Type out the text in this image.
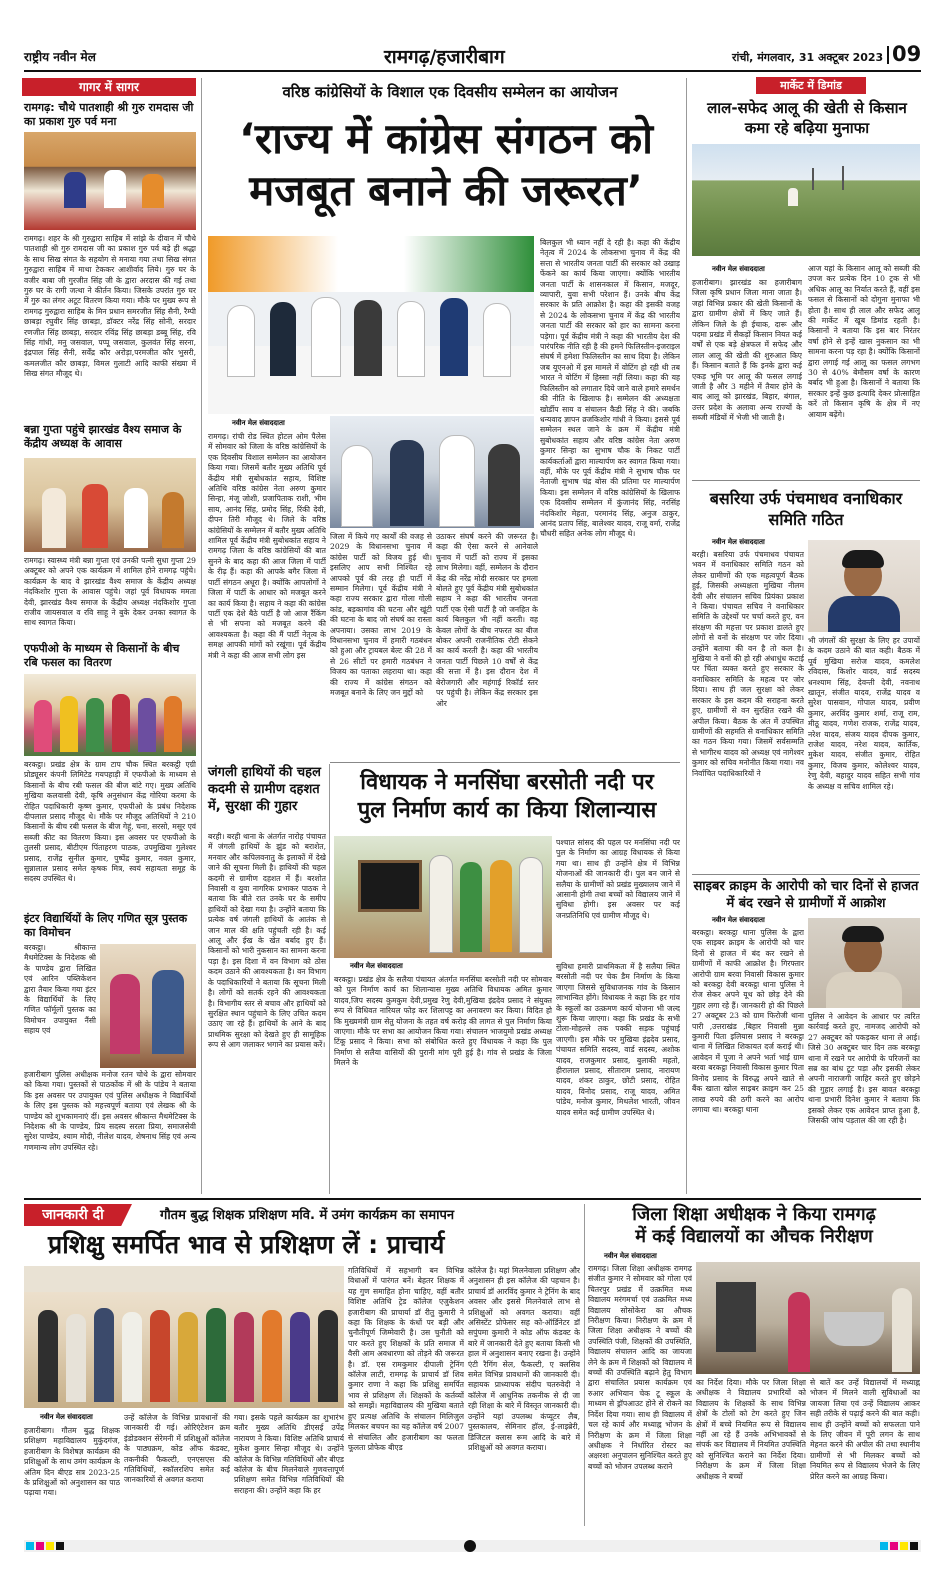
राष्ट्रीय नवीन मेल	रामगढ़/हजारीबाग	रांची, मंगलवार, 31 अक्टूबर 2023 09
गागर में सागर
रामगढ़: चौथे पातशाही श्री गुरु रामदास जी का प्रकाश गुरु पर्व मना
रामगढ़। शहर के श्री गुरुद्वारा साहिब में सांझे के दीवान में चौथे पातशाही श्री गुरु रामदास जी का प्रकाश गुरु पर्व बड़े ही श्रद्धा के साथ सिख संगत के सहयोग से मनाया गया तथा सिख संगत गुरुद्वारा साहिब में माथा टेककर आशीर्वाद लिये। गुरु घर के वजीर बाबा जी गुरजीत सिंह जी के द्वारा अरदास की गई तथा गुरु घर के रागी जत्था ने कीर्तन किया। जिसके उपरांत गुरु घर में गुरु का लंगर अटूट वितरण किया गया। मौके पर मुख्य रूप से रामगढ़ गुरुद्वारा साहिब के मिन प्रधान समरजीत सिंह सैनी, रैम्पी छाबड़ा रघुवीर सिंह छाबड़ा, डॉक्टर नरेंद्र सिंह सोनी, सरदार रणजीत सिंह छाबड़ा, सरदार रविंद्र सिंह छाबड़ा डब्बू सिंह, रवि सिंह गांधी, मनु जसवाल, पप्पू जसवाल, कुलवंत सिंह सरना, इंद्रपाल सिंह सैनी, सर्वेंद्र कौर अरोड़ा,परमजीत कौर भुसरी, कमलजीत कौर छाबड़ा, विमल गुलाटी आदि काफी संख्या में सिख संगत मौजूद थे।
बन्ना गुप्ता पहुंचे झारखंड वैश्य समाज के केंद्रीय अध्यक्ष के आवास
रामगढ़। स्वास्थ्य मंत्री बन्ना गुप्ता एवं उनकी पत्नी सुधा गुप्ता 29 अक्टूबर को अपने एक कार्यक्रम में शामिल होने रामगढ़ पहुंचे। कार्यक्रम के बाद वे झारखंड वैश्य समाज के केंद्रीय अध्यक्ष नंदकिशोर गुप्ता के आवास पहुंचे। जहां पूर्व विधायक ममता देवी, झारखंड वैश्य समाज के केंद्रीय अध्यक्ष नंदकिशोर गुप्ता राजीव जायसवाल व रवि साहू ने बुके देकर उनका स्वागत के साथ स्वागत किया।
एफपीओ के माध्यम से किसानों के बीच रबि फसल का वितरण
बरकट्ठा। प्रखंड क्षेत्र के ग्राम टाप चौक स्थित बरकट्ठी एग्री प्रोड्यूसर कंपनी लिमिटेड गयपहाड़ी में एफपीओ के माध्यम से किसानों के बीच रबी फसल की बीज बांटे गए। मुख्य अतिथि मुखिया कलवासी देवी, कृषि अनुसंधान केंद्र गोरिया करमा के रोहित पदाधिकारी कृष्ण कुमार, एफपीओ के प्रबंध निदेशक दीपलाल प्रसाद मौजूद थे। मौके पर मौजूद अतिथियों ने 210 किसानों के बीच रबी फसल के बीज गेहूं, चना, सरसो, मसूर एवं सब्जी कीट का वितरण किया। इस अवसर पर एफपीओ के तुलसी प्रसाद, बीटीएम पिंताहरण पाठक, उपमुखिया गुलेश्वर प्रसाद, राजेंद्र सुनील कुमार, पुष्पेंद्र कुमार, नवल कुमार, सुन्नालाल प्रसाद समेत कृषक मित्र, स्वयं सहायता समूह के सदस्य उपस्थित थे।
इंटर विद्यार्थियों के लिए गणित सूत्र पुस्तक का विमोचन
बरकट्ठा। श्रीकान्त मैथमेटिक्स के निदेशक श्री के पाण्डेय द्वारा लिखित एवं आरिन पब्लिकेशन द्वारा तैयार किया गया इंटर के विद्यार्थियों के लिए गणित फॉर्मूलों पुस्तक का विमोचन उपायुक्त नैंसी सहाय एवं
हजारीबाग पुलिस अधीक्षक मनोज रतन चोथे के द्वारा सोमवार को किया गया। पुस्तकों से पाठकोंक में श्री के पांडेय ने बताया कि इस अवसर पर उपायुक्त एवं पुलिस अधीक्षक ने विद्यार्थियों के लिए इस पुस्तक को महत्त्वपूर्ण बताया एवं लेखक श्री के पाण्डेय को शुभकामनाएं दीं। इस अवसर श्रीकान्त मैथमेटिक्स के निदेशक श्री के पाण्डेय, प्रिय सदस्य सरला प्रिया, समाजसेवी सुरेश पाण्डेय, श्याम मोदी, नीलेश यादव, शेषनाथ सिंह एवं अन्य गणमान्य लोग उपस्थित रहे।
वरिष्ठ कांग्रेसियों के विशाल एक दिवसीय सम्मेलन का आयोजन
‘राज्य में कांग्रेस संगठन को
मजबूत बनाने की जरूरत’
नवीन मेल संवाददाता
रामगढ़। रांची रोड स्थित होटल ओम पैलेस में सोमवार को जिला के वरिष्ठ कांग्रेसियों के एक दिवसीय विशाल सम्मेलन का आयोजन किया गया। जिसमें बतौर मुख्य अतिथि पूर्व केंद्रीय मंत्री सुबोधकांत सहाय, विशिष्ट अतिथि वरिष्ठ कांग्रेस नेता अरुण कुमार सिन्हा, मंजू जोशी, प्रजापिताक राशी, भीम साय, आनंद सिंह, प्रमोद सिंह, रिंकी देवी, दीपन तिरी मौजूद थे। जिले के वरिष्ठ कांग्रेसियों के सम्मेलन में बतौर मुख्य अतिथि शामिल पूर्व केंद्रीय मंत्री सुबोधकांत सहाय ने रामगढ़ जिला के वरिष्ठ कांग्रेसियों की बात सुनने के बाद कहा की आज जिला में पार्टी के रीढ़ हैं। कहा की आपके बगैर जिला में पार्टी संगठन अधूरा है। क्योंकि आपलोगों ने जिला में पार्टी के आधार को मजबूत करने का कार्य किया है। सहाय ने कहा की कांग्रेस पार्टी एक देशे बैठे पार्टी है जो आज रैंकिंग से भी सपना को मजबूत करने की आवश्यकता है। कहा की मैं पार्टी नेतृत्व के समक्ष आपकी मांगों को रखूंगा। पूर्व केंद्रीय मंत्री ने कहा की आज सभी लोग इस
जिला में किये गए कार्यों की वजह से 2029 के विधानसभा चुनाव में कांग्रेस पार्टी को विजय हुई थी। इसलिए आप सभी निश्चित रहे आपको पूर्व की तरह ही पार्टी में सम्मान मिलेगा। पूर्व केंद्रीय मंत्री ने कहा राज्य सरकार द्वारा गोला गोली कांड, बड़कागांव की घटना और खूंटी की घटना के बाद जो संघर्ष का रास्ता अपनाया। उसका लाभ 2019 के विधानसभा चुनाव में हमारी गठबंधन को हुआ और ट्रायबल बेल्ट की 28 में से 26 सीटों पर हमारी गठबंधन ने विजय का पताका लहराया था। कहा की राज्य में कांग्रेस संगठन को मजबूत बनाने के लिए जन मुद्दों को
उठाकर संघर्ष करने की जरूरत है। कहा की ऐसा करने से आनेवाले चुनाव में पार्टी को राज्य में इसका लाभ मिलेगा। वहीं, सम्मेलन के दौरान केंद्र की नरेंद्र मोदी सरकार पर हमला बोलते हुए पूर्व केंद्रीय मंत्री सुबोधकांत सहाय ने कहा की भारतीय जनता पार्टी एक ऐसी पार्टी है जो जनहित के कार्य बिलकुल भी नहीं करती। वह केवल लोगों के बीच नफरत का बीज बोकर अपनी राजनीतिक रोटी सेकने का कार्य करती है। कहा की भारतीय जनता पार्टी पिछले 10 वर्षों से केंद्र की सत्ता में है। इस दौरान देश में बेरोजगारी और महंगाई रिकॉर्ड स्तर पर पहुंची है। लेकिन केंद्र सरकार इस ओर
बिलकुल भी ध्यान नहीं दे रही है। कहा की केंद्रीय नेतृत्व में 2024 के लोकसभा चुनाव में केंद्र की सत्ता से भारतीय जनता पार्टी की सरकार को उखाड़ फेंकने का कार्य किया जाएगा। क्योंकि भारतीय जनता पार्टी के शासनकाल में किसान, मजदूर, व्यापारी, युवा सभी परेशान हैं। उनके बीच केंद्र सरकार के प्रति आक्रोश है। कहा की इसकी वजह से 2024 के लोकसभा चुनाव में केंद्र की भारतीय जनता पार्टी की सरकार को हार का सामना करना पड़ेगा। पूर्व केंद्रीय मंत्री ने कहा की भारतीय देश की पारंपरिक नीति रही है की हमने फिलिस्तीन-इजराइल संघर्ष में हमेशा फिलिस्तीन का साथ दिया है। लेकिन जब यूएनओ में इस मामले में वोटिंग हो रही थी तब भारत ने वोटिंग में हिस्सा नहीं लिया। कहा की यह फिलिस्तीन को लगातार दिये जाने वाले हमारे समर्थन की नीति के खिलाफ है। सम्मेलन की अध्यक्षता खोर्डीप साय व संचालन कैडी सिंह ने की। जबकि धन्यवाद ज्ञापन व्रजकिशोर गांधी ने किया। इससे पूर्व सम्मेलन स्थल जाने के क्रम में केंद्रीय मंत्री सुबोधकांत सहाय और वरिष्ठ कांग्रेस नेता अरुण कुमार सिन्हा का सुभाष चौक के निकट पार्टी कार्यकर्ताओं द्वारा माल्यार्पण कर स्वागत किया गया। वहीं, मौके पर पूर्व केंद्रीय मंत्री ने सुभाष चौक पर नेताजी सुभाष चंद्र बोस की प्रतिमा पर माल्यार्पण किया। इस सम्मेलन में वरिष्ठ कांग्रेसियों के खिलाफ एक दिवसीय सम्मेलन में कुंजानंद सिंह, नरसिंह नंदकिशोर मेहता, परमानंद सिंह, अनुज ठाकुर, आनंद प्रताप सिंह, बालेश्वर यादव, राजू वर्मा, राजेंद्र चौधरी सहित अनेक लोग मौजूद थे।
जंगली हाथियों की चहल कदमी से ग्रामीण दहशत में, सुरक्षा की गुहार
बरही। बरही थाना के अंतर्गत नारोह पंचायत में जंगली हाथियों के झुंड को बराशेत, मनवार और कपिलवनातु के इलाकों में देखे जाने की सूचना मिली है। हाथियों की चहल कदमी से ग्रामीण दहशत में हैं। बरशोत निवासी व युवा नागरिक प्रभाकर पाठक ने बताया कि बीते रात उनके घर के समीप हाथियों को देखा गया है। उन्होंने बताया कि प्रत्येक वर्ष जंगली हाथियों के आतंक से जान माल की क्षति पहुंचती रही है। कई आलू और ईख के खेत बर्बाद हुए हैं। किसानों को भारी नुकसान का सामना करना पड़ा है। इस दिशा में वन विभाग को ठोस कदम उठाने की आवश्यकता है। वन विभाग के पदाधिकारियों ने बताया कि सूचना मिली है। लोगों को सतर्क रहने की आवश्यकता है। विभागीय स्तर से बचाव और हाथियों को सुरक्षित स्थान पहुंचाने के लिए उचित कदम उठाए जा रहे हैं। हाथियों के आने के बाद प्राथमिक सुरक्षा को देखते हुए ही सामूहिक रूप से आग जलाकर भगाने का प्रयास करें।
विधायक ने मनसिंघा बरसोती नदी पर
पुल निर्माण कार्य का किया शिलान्यास
पश्चात सांसद की पहल पर मनसिंघा नदी पर पुल के निर्माण का आग्रह विधायक से किया गया था। साथ ही उन्होंने क्षेत्र में विभिन्न योजनाओं की जानकारी दी। पुल बन जाने से सलैया के ग्रामीणों को प्रखंड मुख्यालय जाने में आसानी होगी तथा बच्चों को विद्यालय जाने में सुविधा होगी। इस अवसर पर कई जनप्रतिनिधि एवं ग्रामीण मौजूद थे।
नवीन मेल संवाददाता
बरकट्ठा। प्रखंड क्षेत्र के सलैया पंचायत अंतर्गत मनसिंघा बरसोती नदी पर सोमवार को पुल निर्माण कार्य का शिलान्यास मुख्य अतिथि विधायक अमित कुमार यादव,जिप सदस्य कुमकुम देवी,प्रमुख रेणु देवी,मुखिया इंद्रदेव प्रसाद ने संयुक्त रूप से विधिवत नारियल फोड़ कर शिलापट्ट का अनावरण कर किया। विदित हो कि मुख्यमंत्री ग्राम सेतु योजना के तहत वर्ष करोड़ की लागत से पुल निर्माण किया जाएगा। मौके पर सभा का आयोजन किया गया। संचालन भाजयुमो प्रखंड अध्यक्ष टिंकू प्रसाद ने किया। सभा को संबोधित करते हुए विधायक ने कहा कि पुल निर्माण से सलैया वासियों की पुरानी मांग पूरी हुई है। गांव से प्रखंड के जिला मिलने के
सुविधा हमारी प्राथमिकता में है सलैया स्थित बरसोती नदी पर चेक डैम निर्माण के किया जाएगा जिससे सुविधाजनक गांव के किसान लाभान्वित होंगे। विधायक ने कहा कि हर गांव के स्कूलों का उत्क्रमण कार्य योजना भी जल्द शुरू किया जाएगा। कहा कि प्रखंड के सभी टोला-मोहल्ले तक पक्की सड़क पहुंचाई जाएगी। इस मौके पर मुखिया इंद्रदेव प्रसाद, पंचायत समिति सदस्य, वार्ड सदस्य, अशोक यादव, राजकुमार प्रसाद, बुलाकी महतो, हीरालाल प्रसाद, सीताराम प्रसाद, नारायण यादव, शंकर ठाकुर, छोटी प्रसाद, रोहित यादव, विनोद प्रसाद, राजू यादव, अमित पांडेय, मनोज कुमार, मिथलेश भारती, जीवन यादव समेत कई ग्रामीण उपस्थित थे।
मार्केट में डिमांड
लाल-सफेद आलू की खेती से किसान कमा रहे बढ़िया मुनाफा
नवीन मेल संवाददाता
हजारीबाग। झारखंड का हजारीबाग जिला कृषि प्रधान जिला माना जाता है। जहां विभिन्न प्रकार की खेती किसानों के द्वारा ग्रामीण क्षेत्रों में किए जाते हैं। लेकिन जिले के ही ईचाक, दारू और पदमा प्रखंड में सैकड़ों किसान नियत कई वर्षों से एक बड़े क्षेत्रफल में सफेद और लाल आलू की खेती की शुरुआत किए हैं। किसान बताते हैं कि इनके द्वारा कई एकड़ भूमि पर आलू की फसल लगाई जाती है और 3 महीने में तैयार होने के बाद आलू को झारखंड, बिहार, बंगाल, उत्तर प्रदेश के अलावा अन्य राज्यों के सब्जी मंडियों में भेजी भी जाती है।
आज यहां के किसान आलू को सब्जी की उपज कर प्रत्येक दिन 10 ट्रक से भी अधिक आलू का निर्यात करते हैं, वहीं इस फसल से किसानों को दोगुना मुनाफा भी होता है। साथ ही लाल और सफेद आलू की मार्केट में खूब डिमांड रहती है। किसानों ने बताया कि इस बार निरंतर वर्षा होने से इन्हें खास नुकसान का भी सामना करना पड़ रहा है। क्योंकि किसानों द्वारा लगाई गई आलू का फसल लगभग 30 से 40% बेमौसम वर्षा के कारण बर्बाद भी हुआ है। किसानों ने बताया कि सरकार इन्हें कुछ इत्यादि देकर प्रोत्साहित करें तो किसान कृषि के क्षेत्र में नए आयाम बढ़ेंगे।
बसरिया उर्फ पंचमाधव वनाधिकार समिति गठित
नवीन मेल संवाददाता
बरही। बसरिया उर्फ पंचमाधव पंचायत भवन में वनाधिकार समिति गठन को लेकर ग्रामीणों की एक महत्वपूर्ण बैठक हुई, जिसकी अध्यक्षता मुखिया नीलम देवी और संचालन सचिव प्रियंका प्रकाश ने किया। पंचायत सचिव ने वनाधिकार समिति के उद्देश्यों पर चर्चा करते हुए, वन संरक्षण की महत्ता पर प्रकाश डालते हुए लोगों से वनों के संरक्षण पर जोर दिया। उन्होंने बताया की वन है तो कल है। मुखिया ने वनों की हो रही अंधाधुंध कटाई पर चिंता व्यक्त करते हुए सरकार के वनाधिकार समिति के महत्व पर जोर दिया। साथ ही जल सुरक्षा को लेकर सरकार के इस कदम की सराहना करते हुए, ग्रामीणों से वन सुरक्षित रखने की अपील किया। बैठक के अंत में उपस्थित ग्रामीणों की सहमति से वनाधिकार समिति का गठन किया गया। जिसमें सर्वसम्मति से भागीरथ यादव को अध्यक्ष एवं नागेश्वर कुमार को सचिव मनोनीत किया गया। नव निर्वाचित पदाधिकारियों ने
भी जंगलों की सुरक्षा के लिए हर उपायों के कदम उठाने की बात कही। बैठक में पूर्व मुखिया सरोज यादव, कमलेश रविदास, किशोर यादव, वार्ड सदस्य धनश्याम सिंह, देवन्ती देवी, नवनाथ खातून, संजीत यादव, राजेंद्र यादव व सुरेश पासवान, गोपाल यादव, प्रवीण कुमार, अरविंद कुमार शर्मा, राजू राम, मीठू यादव, गणेश राजक, राजेंद्र यादव, नरेश यादव, संजय यादव दीपक कुमार, राजेश यादव, नरेश यादव, कार्तिक, मुकेश यादव, संजीत कुमार, रोहित कुमार, विजय कुमार, कोलेश्वर यादव, रेणु देवी, बहादुर यादव सहित सभी गांव के अध्यक्ष व सचिव शामिल रहे।
साइबर क्राइम के आरोपी को चार दिनों से हाजत में बंद रखने से ग्रामीणों में आक्रोश
नवीन मेल संवाददाता
बरकट्ठा। बरकट्ठा थाना पुलिस के द्वारा एक साइबर क्राइम के आरोपी को चार दिनों से हाजत में बंद कर रखने से ग्रामीणों में काफी आक्रोश है। गिरफ्तार आरोपी ग्राम बरवा निवासी विकास कुमार को बरकट्ठा देवी बरकट्ठा थाना पुलिस ने रोज सेकर अपने यूथ को छोड़ देने की गुहार लगा रहे हैं। जानकारी हो की पिछले 27 अक्टूबर 23 को ग्राम फिरोजी थाना पारी ,उत्तराखंड ,बिहार निवासी मुन्ना कुमारी पिता इलियास प्रसाद ने बरकट्ठा थाना में लिखित शिकायत दर्ज कराई थी। आवेदन में पूजा ने अपने भर्ता भाई ग्राम बरवा बरकट्ठा निवासी विकास कुमार पिता विनोद प्रसाद के विरुद्ध अपने खाते से बैंक खाता खोल साइबर क्राइम कर 25 लाख रुपये की ठगी करने का आरोप लगाया था। बरकट्ठा थाना
पुलिस ने आवेदन के आधार पर त्वरित कार्रवाई करते हुए, नामजद आरोपी को 27 अक्टूबर को पकड़कर थाना ले आई। जिसे 30 अक्टूबर चार दिन तक बरकट्ठा थाना में रखने पर आरोपी के परिजनों का सब्र का बांध टूट पड़ा और इसकी लेकर अपनी नाराजगी जाहिर करते हुए छोड़ने की गुहार लगाई है। इस बावत बरकट्ठा थाना प्रभारी दिनेश कुमार ने बताया कि इसको लेकर एक आवेदन प्राप्त हुआ है, जिसकी जांच पड़ताल की जा रही है।
जानकारी दी	गौतम बुद्ध शिक्षक प्रशिक्षण मवि. में उमंग कार्यक्रम का समापन
प्रशिक्षु समर्पित भाव से प्रशिक्षण लें : प्राचार्य
नवीन मेल संवाददाता
हजारीबाग। गौतम बुद्ध शिक्षक प्रशिक्षण महाविद्यालय मुकुंदगंज, हजारीबाग के विशेषज्ञ कार्यक्रम की प्रशिक्षुओं के साथ उमंग कार्यक्रम के अंतिम दिन बीएड सत्र 2023-25 के प्रशिक्षुओं को अनुशासन का पाठ पढ़ाया गया।
उन्हें कॉलेज के विभिन्न प्रावधानों की जानकारी दी गई। ओरिएंटेशन क्रम इंडोडक्शन सेरेमनी में प्रशिक्षुओं कॉलेज के पाठ्यक्रम, कोड ऑफ कंडक्ट, तकनीकी फैकल्टी, एनएसएस की गतिविधियों, स्कॉलरशिप समेत कई जानकारियों से अवगत कराया
गया। इसके पहले कार्यक्रम का शुभारंभ बतौर मुख्य अतिथि डीएसई उपेंद्र नारायण ने किया। विशिष्ट अतिथि प्राचार्य मुकेश कुमार सिन्हा मौजूद थे। उन्होंने कॉलेज के विभिन्न गतिविधियों और बीएड कॉलेज के बीच मिलनेवाले गुणवत्तापूर्ण प्रशिक्षण समेत विभिन्न गतिविधियों की सराहना की। उन्होंने कहा कि हर
गतिविधियों में सहभागी बन विभिन्न विधाओं में पारंगत बनें। बेहतर शिक्षक में यह गुण समाहित होना चाहिए, वहीं बतौर विशिष्ट अतिथि ट्रेड कॉलेज एजुकेशन हजारीबाग की प्राचार्या डॉ रीतु कुमारी ने कहा कि शिक्षक के कंधों पर बड़ी और चुनौतीपूर्ण जिम्मेवारी है। उस चुनौती को पार करते हुए शिक्षकों के प्रति समाज में वैसी आम अवधारणा को तोड़ने की जरूरत है। डॉ. एस रामकुमार दीपाली ट्रेनिंग कॉलेज लाटी, रामगढ़ के प्राचार्य डॉ शिव कुमार राणा ने कहा कि प्रशिक्षु समर्पित भाव से प्रशिक्षण लें। शिक्षकों के कर्तव्यों को समझें। महाविद्यालय की मुखिया बताते हुए प्रत्यक्ष अतिथि के संचालन मिलिजुल मिलकर बचपन का यह कॉलेज वर्ष 2007 से संचालित और हजारीबाग का फलता फूलता प्रोफेक बीएड
कॉलेज है। यहां मिलनेवाला प्रशिक्षण और अनुशासन ही इस कॉलेज की पहचान है। प्राचार्य डॉ आरविंद कुमार ने ट्रेनिंग के बाद अवसर और इससे मिलनेवाले लाभ से प्रशिक्षुओं को अवगत कराया। वहीं असिस्टेंट प्रोफेसर सह को-ऑर्डिनेटर डॉ सपुंपमा कुमारी ने कोड ऑफ कंडक्ट के बारे में जानकारी देते हुए बताया किसी भी हाल में अनुशासन बनाए रखना है। उन्होंने एंटी रैगिंग सेल, फैकल्टी, ए क्लसिव समेत विभिन्न प्रावधानों की जानकारी दी। सहायक प्राध्यापक संदीप चतरुवेदी ने कॉलेज में आधुनिक तकनीक से दी जा रही शिक्षा के बारे में विस्तृत जानकारी दी। उन्होंने यहां उपलब्ध कंप्यूटर लैब, पुस्तकालय, सेमिनार हॉल, ई-लाइब्रेरी, डिजिटल क्लास रूम आदि के बारे में प्रशिक्षुओं को अवगत कराया।
जिला शिक्षा अधीक्षक ने किया रामगढ़
में कई विद्यालयों का औचक निरीक्षण
नवीन मेल संवाददाता
रामगढ़। जिला शिक्षा अधीक्षक रामगढ़ संजीत कुमार ने सोमवार को गोला एवं चितरपुर प्रखंड में उत्क्रमित मध्य विद्यालय मरंगमर्चा एवं उत्क्रमित मध्य विद्यालय सोसोकेरा का औचक निरीक्षण किया। निरीक्षण के क्रम में जिला शिक्षा अधीक्षक ने बच्चों की उपस्थिति पंजी, शिक्षकों की उपस्थिति, विद्यालय संचालन आदि का जायजा लेने के क्रम में शिक्षकों को विद्यालय में बच्चों की उपस्थिति बढ़ाने हेतु विभाग द्वारा संचालित प्रयास कार्यक्रम एवं रुआर अभियान चेक टू स्कूल के माध्यम से ड्रॉपआउट होने से रोकने का निर्देश दिया गया। साथ ही विद्यालय में चल रहे कार्य और मध्याह्न भोजन के निरीक्षण के क्रम में जिला शिक्षा अधीक्षक ने निर्धारित रोस्टर का अक्षरशः अनुपालन सुनिश्चित करते हुए बच्चों को भोजन उपलब्ध कराने
का निर्देश दिया। मौके पर जिला शिक्षा अधीक्षक ने विद्यालय प्रभारियों को विद्यालय के शिक्षकों के साथ विभिन्न क्षेत्रों के टोलों को टेग करते हुए जिन क्षेत्रों में बच्चे नियमित रूप से विद्यालय नहीं आ रहे हैं उनके अभिभावकों से संपर्क कर विद्यालय में नियमित उपस्थिति को सुनिश्चित कराने का निर्देश दिया। निरीक्षण के क्रम में जिला शिक्षा अधीक्षक ने बच्चों
से बातें कर उन्हें विद्यालयों में मध्याह्न भोजन में मिलने वाली सुविधाओं का जायजा लिया एवं उन्हें विद्यालय आकर सही तरीके से पढ़ाई करने की बात कही। साथ ही उन्होंने बच्चों को सफलता पाने के लिए जीवन में पूरी लगन के साथ मेहनत करने की अपील की तथा स्थानीय ग्रामीणों से भी मिलकर बच्चों को नियमित रूप से विद्यालय भेजने के लिए प्रेरित करने का आग्रह किया।
